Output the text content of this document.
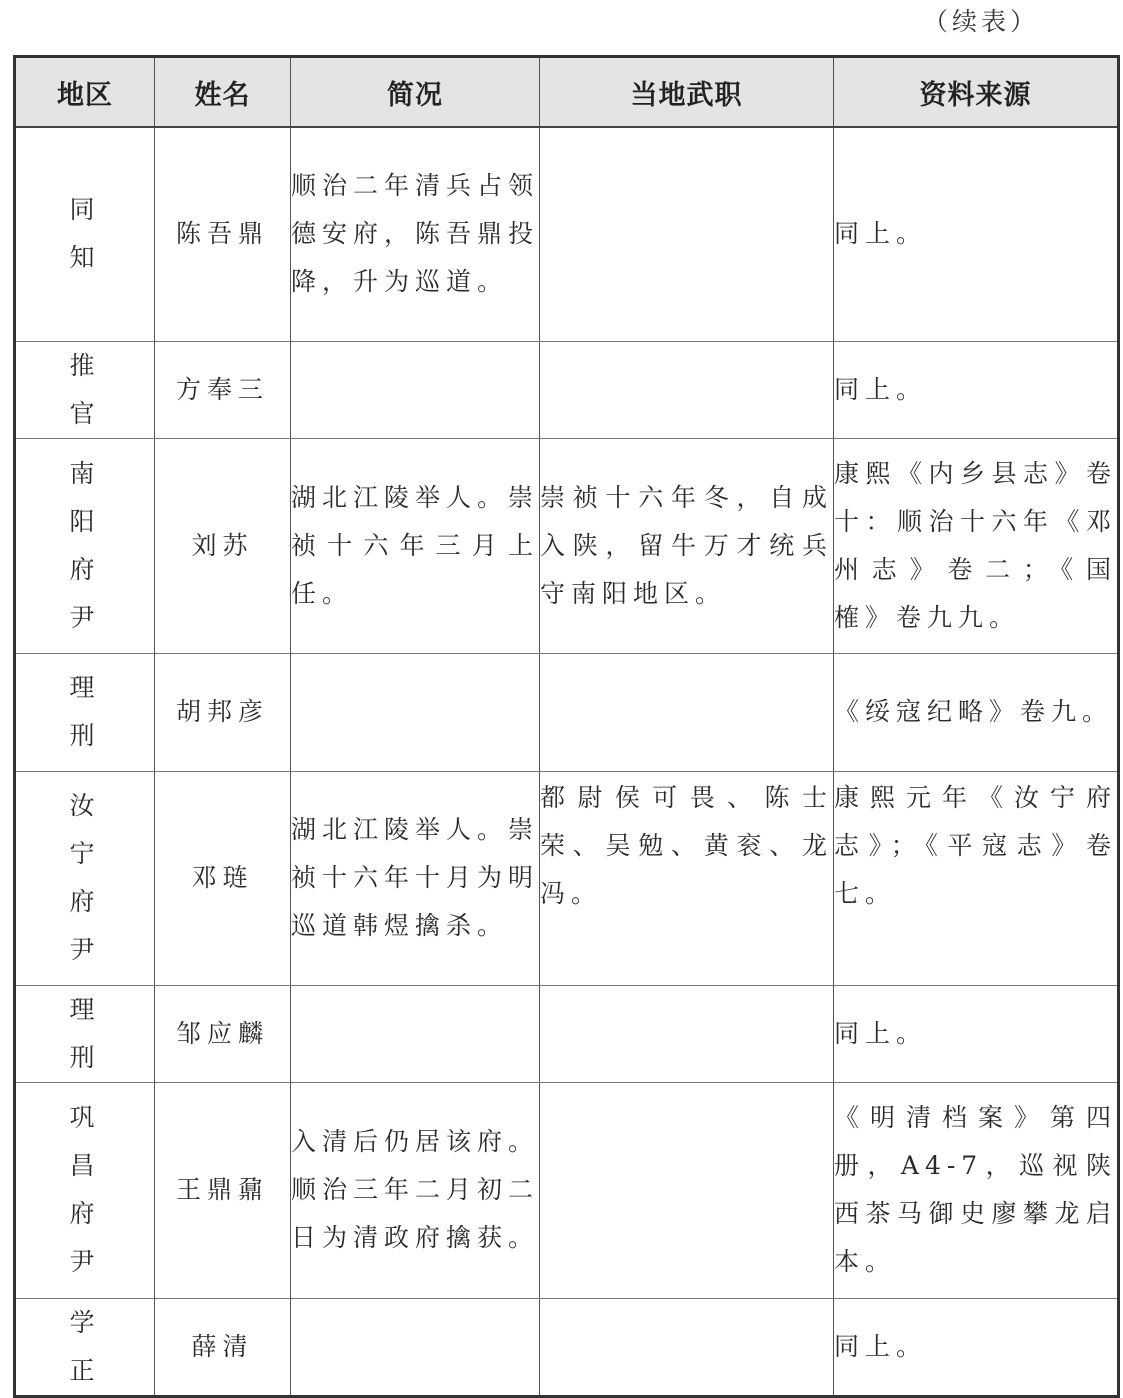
（续表）
地区	姓名	简况	当地武职	资料来源
同知	陈吾鼎	顺治二年清兵占领德安府，陈吾鼎投降，升为巡道。		同上。
推官	方奉三			同上。
南阳府尹	刘苏	湖北江陵举人。崇祯十六年三月上任。	崇祯十六年冬，自成入陕，留牛万才统兵守南阳地区。	康熙《内乡县志》卷十：顺治十六年《邓州志》卷二；《国榷》卷九九。
理刑	胡邦彦			《绥寇纪略》卷九。
汝宁府尹	邓琏	湖北江陵举人。崇祯十六年十月为明巡道韩煜擒杀。	都尉侯可畏、陈士荣、吴勉、黄衮、龙冯。	康熙元年《汝宁府志》；《平寇志》卷七。
理刑	邹应麟			同上。
巩昌府尹	王鼎鼐	入清后仍居该府。顺治三年二月初二日为清政府擒获。		《明清档案》第四册，A4-7，巡视陕西茶马御史廖攀龙启本。
学正	薛清			同上。
